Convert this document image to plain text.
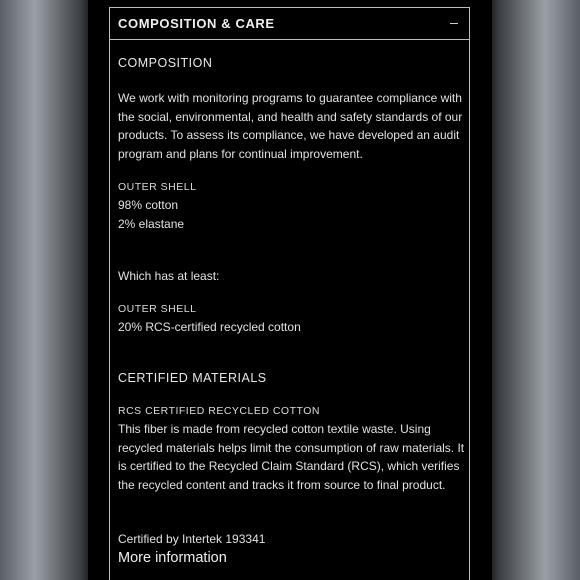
COMPOSITION & CARE

COMPOSITION

We work with monitoring programs to guarantee compliance with the social, environmental, and health and safety standards of our products. To assess its compliance, we have developed an audit program and plans for continual improvement.

OUTER SHELL

98% cotton

2% elastane

Which has at least:

OUTER SHELL

20% RCS-certified recycled cotton

CERTIFIED MATERIALS

RCS CERTIFIED RECYCLED COTTON

This fiber is made from recycled cotton textile waste. Using recycled materials helps limit the consumption of raw materials. It is certified to the Recycled Claim Standard (RCS), which verifies the recycled content and tracks it from source to final product.

Certified by Intertek 193341

More information
